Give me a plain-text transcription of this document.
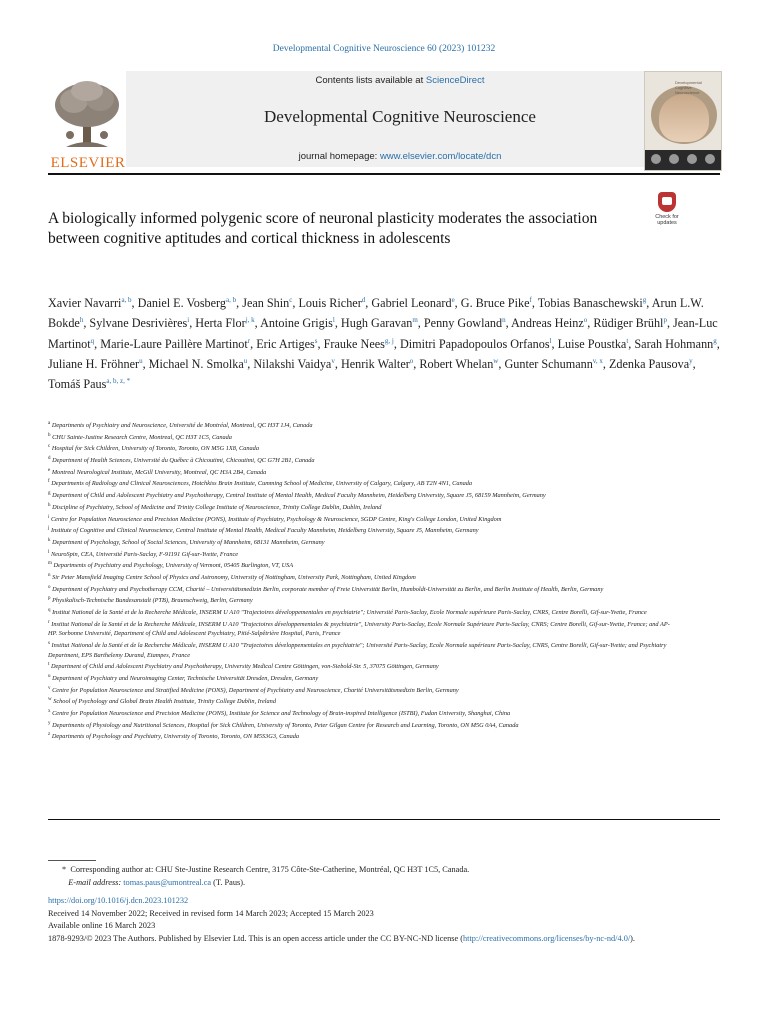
Developmental Cognitive Neuroscience 60 (2023) 101232
ELSEVIER
Contents lists available at ScienceDirect
Developmental Cognitive Neuroscience
journal homepage: www.elsevier.com/locate/dcn
Developmental Cognitive Neuroscience
A biologically informed polygenic score of neuronal plasticity moderates the association between cognitive aptitudes and cortical thickness in adolescents
Check for updates
Xavier Navarri$^{a, b}$, Daniel E. Vosberg$^{a, b}$, Jean Shin$^c$, Louis Richer$^d$, Gabriel Leonard$^e$, G. Bruce Pike$^f$, Tobias Banaschewski$^g$, Arun L.W. Bokde$^h$, Sylvane Desrivières$^i$, Herta Flor$^{j, k}$, Antoine Grigis$^l$, Hugh Garavan$^m$, Penny Gowland$^n$, Andreas Heinz$^o$, Rüdiger Brühl$^p$, Jean-Luc Martinot$^q$, Marie-Laure Paillère Martinot$^r$, Eric Artiges$^s$, Frauke Nees$^{g, j}$, Dimitri Papadopoulos Orfanos$^l$, Luise Poustka$^t$, Sarah Hohmann$^g$, Juliane H. Fröhner$^u$, Michael N. Smolka$^u$, Nilakshi Vaidya$^v$, Henrik Walter$^o$, Robert Whelan$^w$, Gunter Schumann$^{v, x}$, Zdenka Pausova$^y$, Tomáš Paus$^{a, b, z, *}$
$^a$ Departments of Psychiatry and Neuroscience, Université de Montréal, Montreal, QC H3T 1J4, Canada
$^b$ CHU Sainte-Justine Research Centre, Montreal, QC H3T 1C5, Canada
$^c$ Hospital for Sick Children, University of Toronto, Toronto, ON M5G 1X8, Canada
$^d$ Department of Health Sciences, Université du Québec à Chicoutimi, Chicoutimi, QC G7H 2B1, Canada
$^e$ Montreal Neurological Institute, McGill University, Montreal, QC H3A 2B4, Canada
$^f$ Departments of Radiology and Clinical Neurosciences, Hotchkiss Brain Institute, Cumming School of Medicine, University of Calgary, Calgary, AB T2N 4N1, Canada
$^g$ Department of Child and Adolescent Psychiatry and Psychotherapy, Central Institute of Mental Health, Medical Faculty Mannheim, Heidelberg University, Square J5, 68159 Mannheim, Germany
$^h$ Discipline of Psychiatry, School of Medicine and Trinity College Institute of Neuroscience, Trinity College Dublin, Dublin, Ireland
$^i$ Centre for Population Neuroscience and Precision Medicine (PONS), Institute of Psychiatry, Psychology & Neuroscience, SGDP Centre, King's College London, United Kingdom
$^j$ Institute of Cognitive and Clinical Neuroscience, Central Institute of Mental Health, Medical Faculty Mannheim, Heidelberg University, Square J5, Mannheim, Germany
$^k$ Department of Psychology, School of Social Sciences, University of Mannheim, 68131 Mannheim, Germany
$^l$ NeuroSpin, CEA, Université Paris-Saclay, F-91191 Gif-sur-Yvette, France
$^m$ Departments of Psychiatry and Psychology, University of Vermont, 05405 Burlington, VT, USA
$^n$ Sir Peter Mansfield Imaging Centre School of Physics and Astronomy, University of Nottingham, University Park, Nottingham, United Kingdom
$^o$ Department of Psychiatry and Psychotherapy CCM, Charité – Universitätsmedizin Berlin, corporate member of Freie Universität Berlin, Humboldt-Universität zu Berlin, and Berlin Institute of Health, Berlin, Germany
$^p$ Physikalisch-Technische Bundesanstalt (PTB), Braunschweig, Berlin, Germany
$^q$ Institut National de la Santé et de la Recherche Médicale, INSERM U A10 "Trajectoires développementales en psychiatrie"; Université Paris-Saclay, Ecole Normale supérieure Paris-Saclay, CNRS, Centre Borelli, Gif-sur-Yvette, France
$^r$ Institut National de la Santé et de la Recherche Médicale, INSERM U A10 "Trajectoires développementales & psychiatrie", University Paris-Saclay, Ecole Normale Supérieure Paris-Saclay, CNRS; Centre Borelli, Gif-sur-Yvette, France; and AP-HP. Sorbonne Université, Department of Child and Adolescent Psychiatry, Pitié-Salpêtrière Hospital, Paris, France
$^s$ Institut National de la Santé et de la Recherche Médicale, INSERM U A10 "Trajectoires développementales en psychiatrie"; Université Paris-Saclay, Ecole Normale supérieure Paris-Saclay, CNRS, Centre Borelli, Gif-sur-Yvette; and Psychiatry Department, EPS Barthelemy Durand, Etampes, France
$^t$ Department of Child and Adolescent Psychiatry and Psychotherapy, University Medical Centre Göttingen, von-Siebold-Str. 5, 37075 Göttingen, Germany
$^u$ Department of Psychiatry and Neuroimaging Center, Technische Universität Dresden, Dresden, Germany
$^v$ Centre for Population Neuroscience and Stratified Medicine (PONS), Department of Psychiatry and Neuroscience, Charité Universitätsmedizin Berlin, Germany
$^w$ School of Psychology and Global Brain Health Institute, Trinity College Dublin, Ireland
$^x$ Centre for Population Neuroscience and Precision Medicine (PONS), Institute for Science and Technology of Brain-inspired Intelligence (ISTBI), Fudan University, Shanghai, China
$^y$ Departments of Physiology and Nutritional Sciences, Hospital for Sick Children, University of Toronto, Peter Gilgan Centre for Research and Learning, Toronto, ON M5G 0A4, Canada
$^z$ Departments of Psychology and Psychiatry, University of Toronto, Toronto, ON M5S3G3, Canada
* Corresponding author at: CHU Ste-Justine Research Centre, 3175 Côte-Ste-Catherine, Montréal, QC H3T 1C5, Canada.
E-mail address: tomas.paus@umontreal.ca (T. Paus).
https://doi.org/10.1016/j.dcn.2023.101232
Received 14 November 2022; Received in revised form 14 March 2023; Accepted 15 March 2023
Available online 16 March 2023
1878-9293/© 2023 The Authors. Published by Elsevier Ltd. This is an open access article under the CC BY-NC-ND license (http://creativecommons.org/licenses/by-nc-nd/4.0/).
